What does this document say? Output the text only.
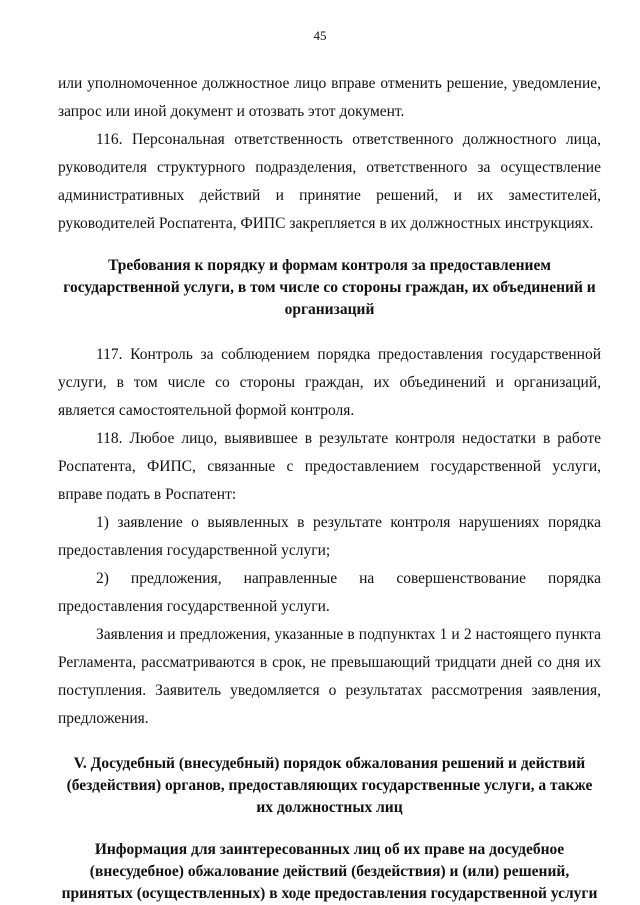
45

или уполномоченное должностное лицо вправе отменить решение, уведомление, запрос или иной документ и отозвать этот документ.

116. Персональная ответственность ответственного должностного лица, руководителя структурного подразделения, ответственного за осуществление административных действий и принятие решений, и их заместителей, руководителей Роспатента, ФИПС закрепляется в их должностных инструкциях.

Требования к порядку и формам контроля за предоставлением государственной услуги, в том числе со стороны граждан, их объединений и организаций

117. Контроль за соблюдением порядка предоставления государственной услуги, в том числе со стороны граждан, их объединений и организаций, является самостоятельной формой контроля.

118. Любое лицо, выявившее в результате контроля недостатки в работе Роспатента, ФИПС, связанные с предоставлением государственной услуги, вправе подать в Роспатент:

1) заявление о выявленных в результате контроля нарушениях порядка предоставления государственной услуги;

2) предложения, направленные на совершенствование порядка предоставления государственной услуги.

Заявления и предложения, указанные в подпунктах 1 и 2 настоящего пункта Регламента, рассматриваются в срок, не превышающий тридцати дней со дня их поступления. Заявитель уведомляется о результатах рассмотрения заявления, предложения.

V. Досудебный (внесудебный) порядок обжалования решений и действий (бездействия) органов, предоставляющих государственные услуги, а также их должностных лиц

Информация для заинтересованных лиц об их праве на досудебное (внесудебное) обжалование действий (бездействия) и (или) решений, принятых (осуществленных) в ходе предоставления государственной услуги
